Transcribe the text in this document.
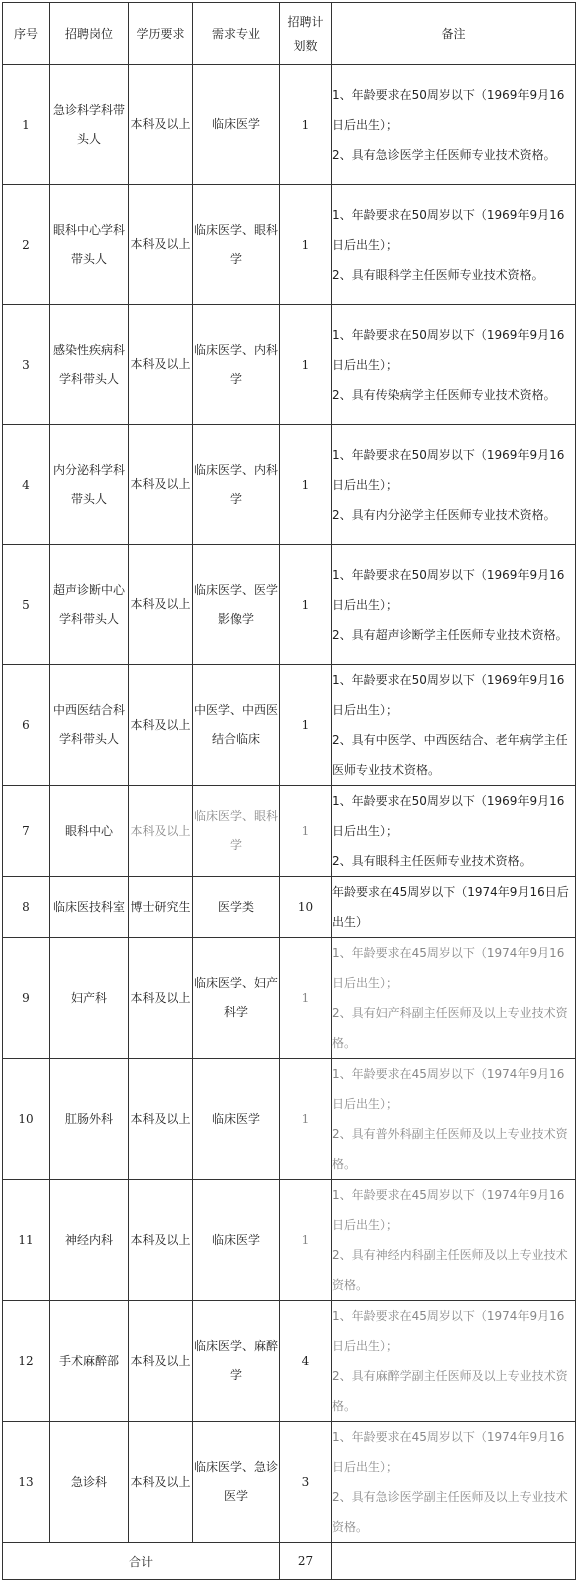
序号	招聘岗位	学历要求	需求专业	招聘计划数	备注
1	急诊科学科带头人	本科及以上	临床医学	1	1、年龄要求在50周岁以下（1969年9月16日后出生）；
2、具有急诊医学主任医师专业技术资格。

2	眼科中心学科带头人	本科及以上	临床医学、眼科学	1	1、年龄要求在50周岁以下（1969年9月16日后出生）；
2、具有眼科学主任医师专业技术资格。

3	感染性疾病科学科带头人	本科及以上	临床医学、内科学	1	1、年龄要求在50周岁以下（1969年9月16日后出生）；
2、具有传染病学主任医师专业技术资格。

4	内分泌科学科带头人	本科及以上	临床医学、内科学	1	1、年龄要求在50周岁以下（1969年9月16日后出生）；
2、具有内分泌学主任医师专业技术资格。

5	超声诊断中心学科带头人	本科及以上	临床医学、医学影像学	1	1、年龄要求在50周岁以下（1969年9月16日后出生）；
2、具有超声诊断学主任医师专业技术资格。

6	中西医结合科学科带头人	本科及以上	中医学、中西医结合临床	1	1、年龄要求在50周岁以下（1969年9月16日后出生）；
2、具有中医学、中西医结合、老年病学主任医师专业技术资格。

7	眼科中心	本科及以上	临床医学、眼科学	1	1、年龄要求在50周岁以下（1969年9月16日后出生）；
2、具有眼科主任医师专业技术资格。

8	临床医技科室	博士研究生	医学类	10	年龄要求在45周岁以下（1974年9月16日后出生）

9	妇产科	本科及以上	临床医学、妇产科学	1	1、年龄要求在45周岁以下（1974年9月16日后出生）；
2、具有妇产科副主任医师及以上专业技术资格。

10	肛肠外科	本科及以上	临床医学	1	1、年龄要求在45周岁以下（1974年9月16日后出生）；
2、具有普外科副主任医师及以上专业技术资格。

11	神经内科	本科及以上	临床医学	1	1、年龄要求在45周岁以下（1974年9月16日后出生）；
2、具有神经内科副主任医师及以上专业技术资格。

12	手术麻醉部	本科及以上	临床医学、麻醉学	4	1、年龄要求在45周岁以下（1974年9月16日后出生）；
2、具有麻醉学副主任医师及以上专业技术资格。

13	急诊科	本科及以上	临床医学、急诊医学	3	1、年龄要求在45周岁以下（1974年9月16日后出生）；
2、具有急诊医学副主任医师及以上专业技术资格。

合计				27	
